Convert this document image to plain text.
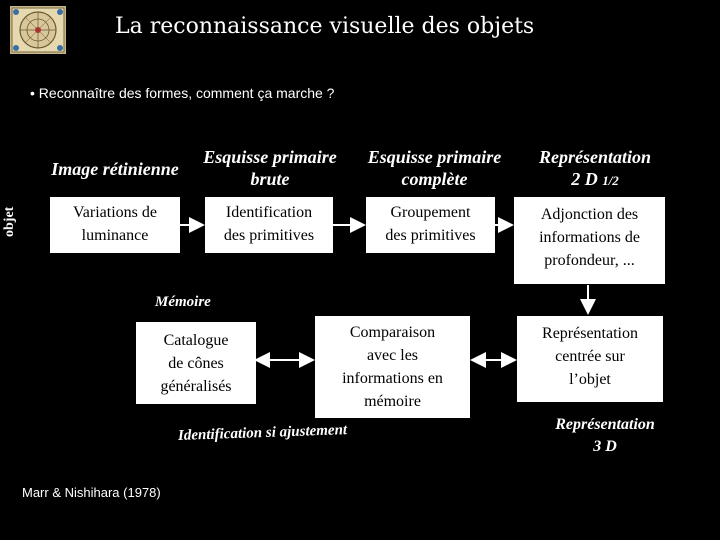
La reconnaissance visuelle des objets
• Reconnaître des formes, comment ça marche ?
objet
Image rétinienne
Esquisse primaire
brute
Esquisse primaire
complète
Représentation
2 D 1/2
Variations de
luminance
Identification
des primitives
Groupement
des primitives
Adjonction des
informations de
profondeur, ...
Mémoire
Catalogue
de cônes
généralisés
Comparaison
avec les
informations en
mémoire
Représentation
centrée sur
l’objet
Identification si ajustement	Représentation
3 D
Marr & Nishihara (1978)
